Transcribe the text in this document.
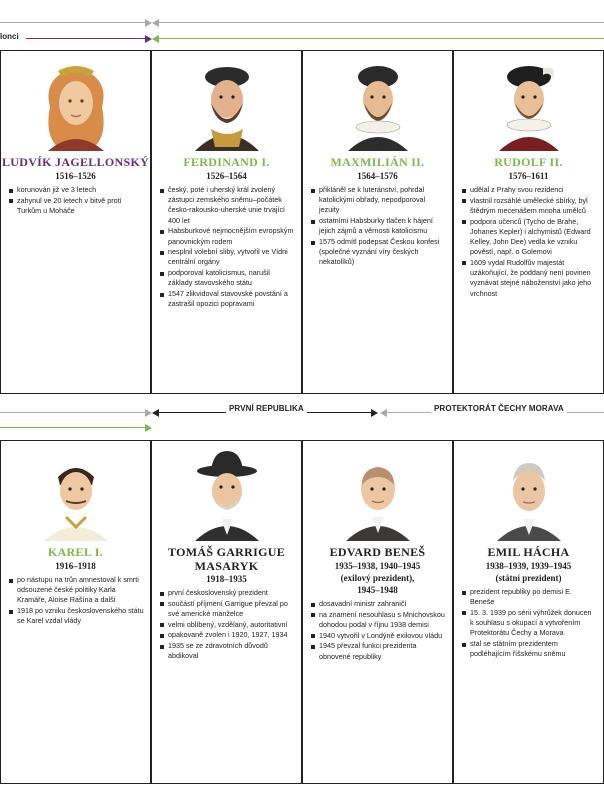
lonci
LUDVÍK JAGELLONSKÝ
1516–1526
korunován již ve 3 letech
zahynul ve 20 letech v bitvě proti Turkům u Moháče
FERDINAND I.
1526–1564
český, poté i uherský král zvolený zástupci zemského sněmu–počátek česko-rakousko-uherské unie trvající 400 let
Habsburkové nejmocnějším evropským panovnickým rodem
nesplnil volební sliby, vytvořil ve Vídni centrální orgány
podporoval katolicismus, narušil základy stavovského státu
1547 zlikvidoval stavovské povstání a zastrašil opozici popravami
MAXMILIÁN II.
1564–1576
přikláněl se k luteránství, pohrdal katolickými obřady, nepodporoval jezuity
ostatními Habsburky tlačen k hájení jejich zájmů a věrnosti katolicismu
1575 odmítl podepsat Českou konfesi (společné vyznání víry českých nekatolíků)
RUDOLF II.
1576–1611
udělal z Prahy svou rezidenci
vlastnil rozsáhlé umělecké sbírky, byl štědrým mecenášem mnoha umělců
podpora učenců (Tycho de Brahe, Johanes Kepler) i alchymistů (Edward Kelley, John Dee) vedla ke vzniku pověstí, např. o Golemovi
1609 vydal Rudolfův majestát uzákoňující, že poddaný není povinen vyznávat stejné náboženství jako jeho vrchnost
PRVNÍ REPUBLIKA	PROTEKTORÁT ČECHY MORAVA
KAREL I.
1916–1918
po nástupu na trůn amnestoval k smrti odsouzené české politiky Karla Kramáře, Aloise Rašína a další
1918 po vzniku československého státu se Karel vzdal vlády
TOMÁŠ GARRIGUE
MASARYK
1918–1935
první československý prezident
součástí příjmení Garrigue převzal po své americké manželce
velmi oblíbený, vzdělaný, autoritativní
opakovaně zvolen i 1920, 1927, 1934
1935 se ze zdravotních důvodů abdikoval
EDVARD BENEŠ
1935–1938, 1940–1945
(exilový prezident),
1945–1948
dosavadní ministr zahraničí
na znamení nesouhlasu s Mnichovskou dohodou podal v říjnu 1938 demisi
1940 vytvořil v Londýně exilovou vládu
1945 převzal funkci prezidenta obnovené republiky
EMIL HÁCHA
1938–1939, 1939–1945
(státní prezident)
prezident republiky po demisi E. Beneše
15. 3. 1939 po sérii výhrůžek donucen k souhlasu s okupací a vytvořením Protektorátu Čechy a Morava
stal se státním prezidentem podléhajícím říšskému sněmu
